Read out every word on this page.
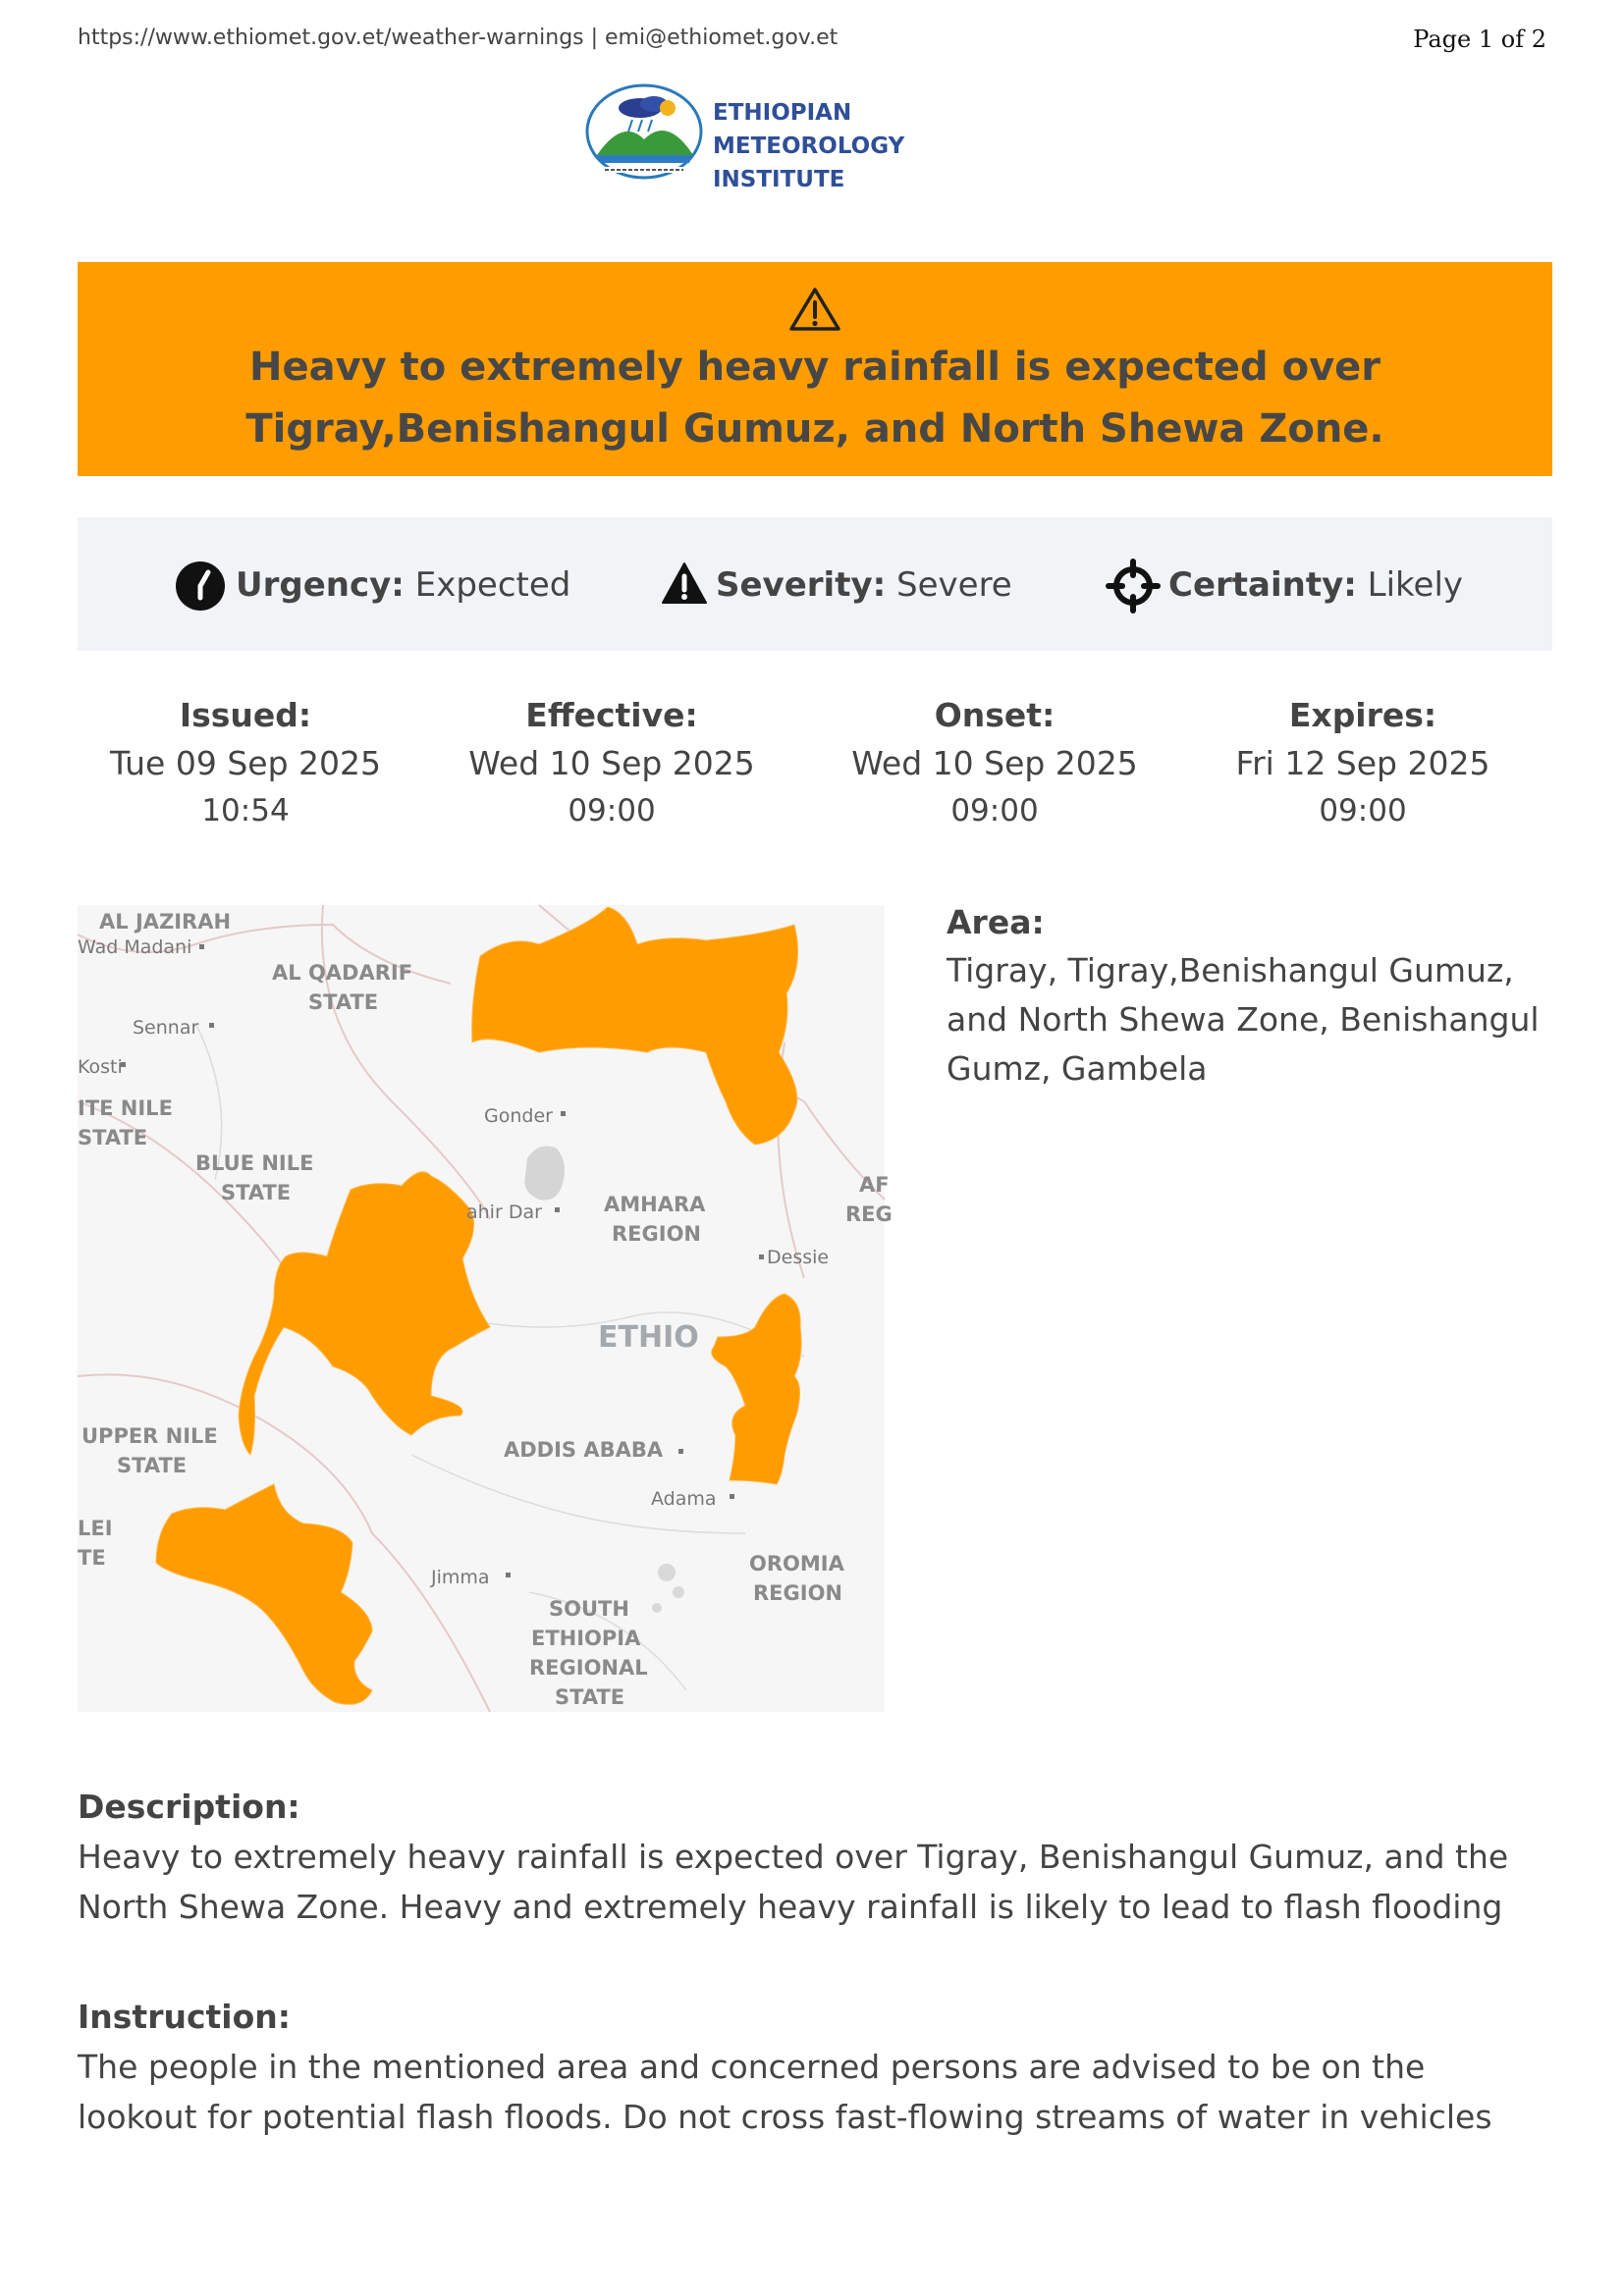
https://www.ethiomet.gov.et/weather-warnings | emi@ethiomet.gov.et	Page 1 of 2
ETHIOPIAN METEOROLOGY
INSTITUTE
Heavy to extremely heavy rainfall is expected over
Tigray,Benishangul Gumuz, and North Shewa Zone.
Urgency: Expected	Severity: Severe	Certainty: Likely
Issued:
Tue 09 Sep 2025
10:54
Effective:
Wed 10 Sep 2025
09:00
Onset:
Wed 10 Sep 2025
09:00
Expires:
Fri 12 Sep 2025
09:00
AL JAZIRAH
Wad Madani
AL QADARIF
STATE
Sennar
Kosti
ITE NILE
STATE
Gonder
BLUE NILE
STATE
ahir Dar	AMHARA
REGION
AF
REG
Dessie
ETHIO
UPPER NILE
STATE
ADDIS ABABA
Adama
LEI
TE
Jimma
OROMIA
REGION
SOUTH
ETHIOPIA
REGIONAL
STATE
Area:
Tigray, Tigray,Benishangul Gumuz,
and North Shewa Zone, Benishangul
Gumz, Gambela
Description:
Heavy to extremely heavy rainfall is expected over Tigray, Benishangul Gumuz, and the
North Shewa Zone. Heavy and extremely heavy rainfall is likely to lead to flash flooding
Instruction:
The people in the mentioned area and concerned persons are advised to be on the
lookout for potential flash floods. Do not cross fast-flowing streams of water in vehicles
